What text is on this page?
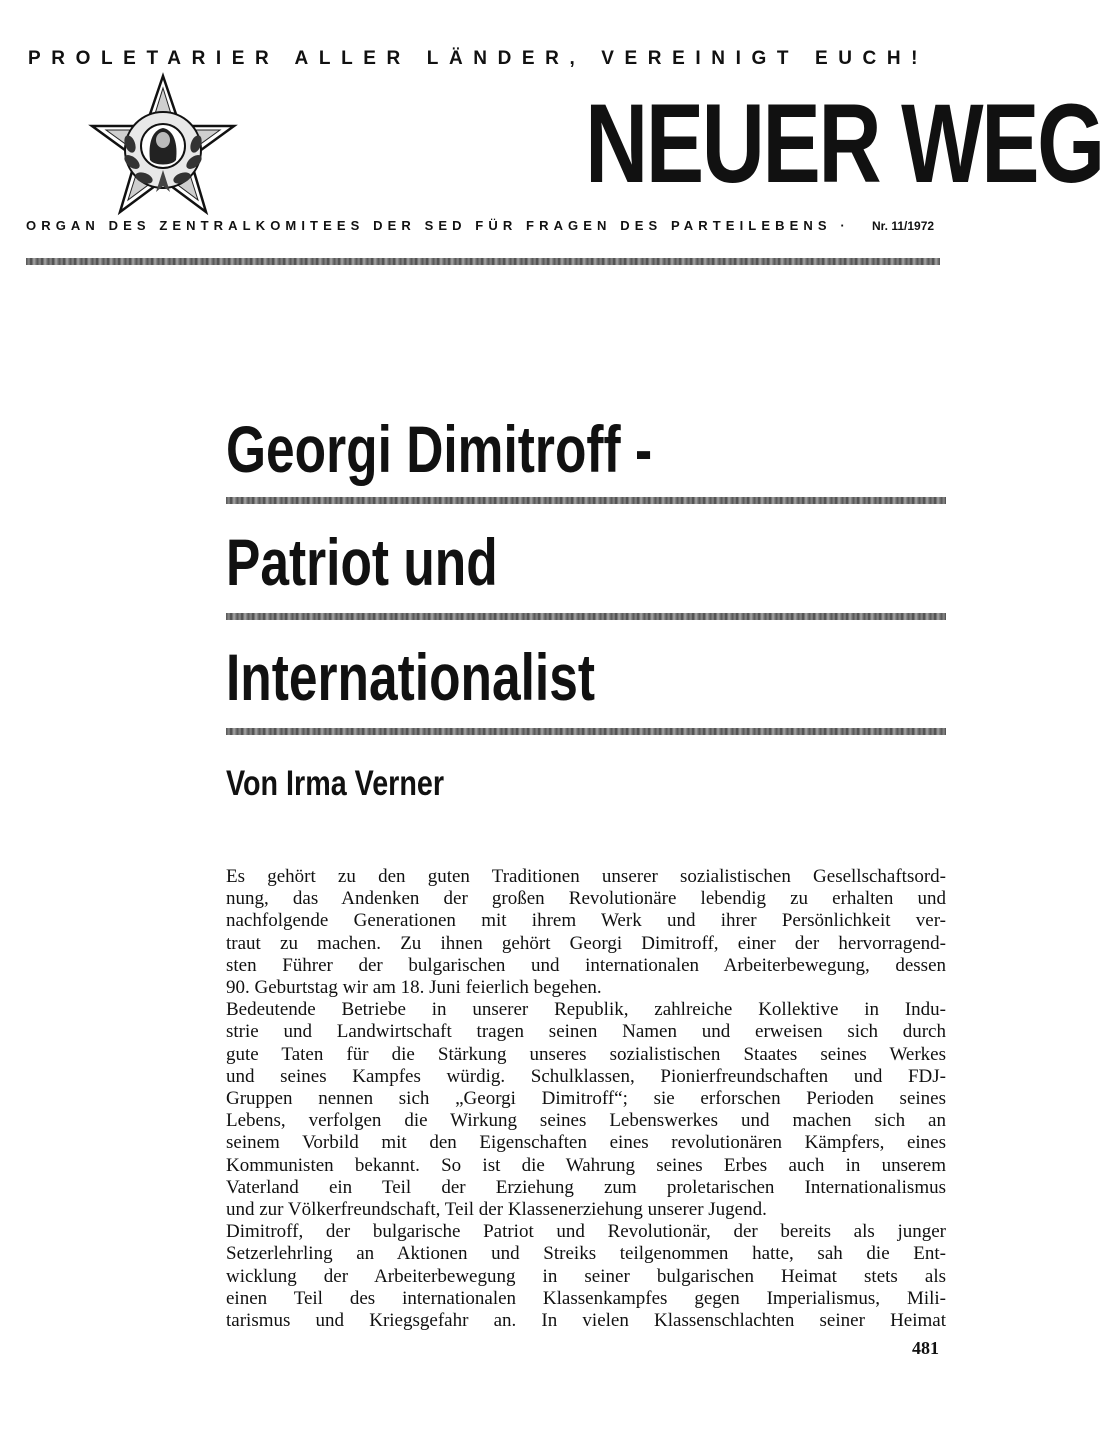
PROLETARIER ALLER LÄNDER, VEREINIGT EUCH!
NEUER WEG
ORGAN DES ZENTRALKOMITEES DER SED FÜR FRAGEN DES PARTEILEBENS · Nr. 11/1972
Georgi Dimitroff -
Patriot und
Internationalist
Von Irma Verner
Es gehört zu den guten Traditionen unserer sozialistischen Gesellschaftsord-
nung, das Andenken der großen Revolutionäre lebendig zu erhalten und
nachfolgende Generationen mit ihrem Werk und ihrer Persönlichkeit ver-
traut zu machen. Zu ihnen gehört Georgi Dimitroff, einer der hervorragend-
sten Führer der bulgarischen und internationalen Arbeiterbewegung, dessen
90. Geburtstag wir am 18. Juni feierlich begehen.
Bedeutende Betriebe in unserer Republik, zahlreiche Kollektive in Indu-
strie und Landwirtschaft tragen seinen Namen und erweisen sich durch
gute Taten für die Stärkung unseres sozialistischen Staates seines Werkes
und seines Kampfes würdig. Schulklassen, Pionierfreundschaften und FDJ-
Gruppen nennen sich „Georgi Dimitroff“; sie erforschen Perioden seines
Lebens, verfolgen die Wirkung seines Lebenswerkes und machen sich an
seinem Vorbild mit den Eigenschaften eines revolutionären Kämpfers, eines
Kommunisten bekannt. So ist die Wahrung seines Erbes auch in unserem
Vaterland ein Teil der Erziehung zum proletarischen Internationalismus
und zur Völkerfreundschaft, Teil der Klassenerziehung unserer Jugend.
Dimitroff, der bulgarische Patriot und Revolutionär, der bereits als junger
Setzerlehrling an Aktionen und Streiks teilgenommen hatte, sah die Ent-
wicklung der Arbeiterbewegung in seiner bulgarischen Heimat stets als
einen Teil des internationalen Klassenkampfes gegen Imperialismus, Mili-
tarismus und Kriegsgefahr an. In vielen Klassenschlachten seiner Heimat
481
